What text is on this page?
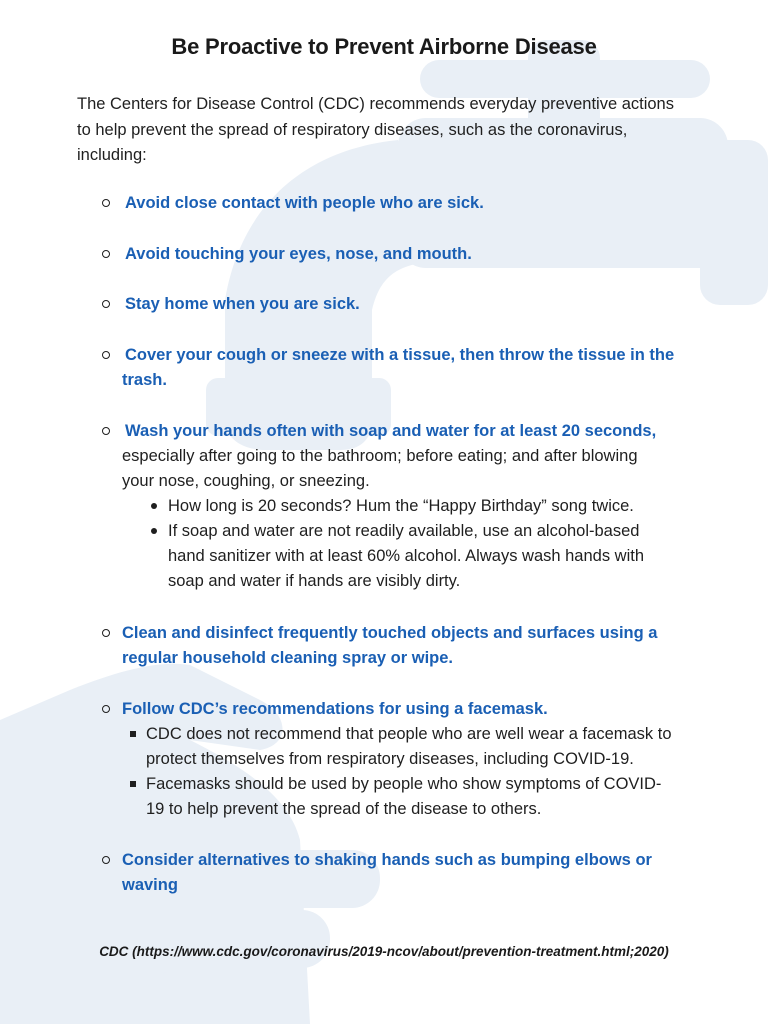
Be Proactive to Prevent Airborne Disease
The Centers for Disease Control (CDC) recommends everyday preventive actions to help prevent the spread of respiratory diseases, such as the coronavirus, including:
Avoid close contact with people who are sick.
Avoid touching your eyes, nose, and mouth.
Stay home when you are sick.
Cover your cough or sneeze with a tissue, then throw the tissue in the
trash.
Wash your hands often with soap and water for at least 20 seconds,
especially after going to the bathroom; before eating; and after blowing
your nose, coughing, or sneezing.
How long is 20 seconds? Hum the “Happy Birthday” song twice.
If soap and water are not readily available, use an alcohol-based
hand sanitizer with at least 60% alcohol. Always wash hands with
soap and water if hands are visibly dirty.
Clean and disinfect frequently touched objects and surfaces using a
regular household cleaning spray or wipe.
Follow CDC’s recommendations for using a facemask.
CDC does not recommend that people who are well wear a facemask to
protect themselves from respiratory diseases, including COVID-19.
Facemasks should be used by people who show symptoms of COVID-
19 to help prevent the spread of the disease to others.
Consider alternatives to shaking hands such as bumping elbows or
waving
CDC (https://www.cdc.gov/coronavirus/2019-ncov/about/prevention-treatment.html;2020)
